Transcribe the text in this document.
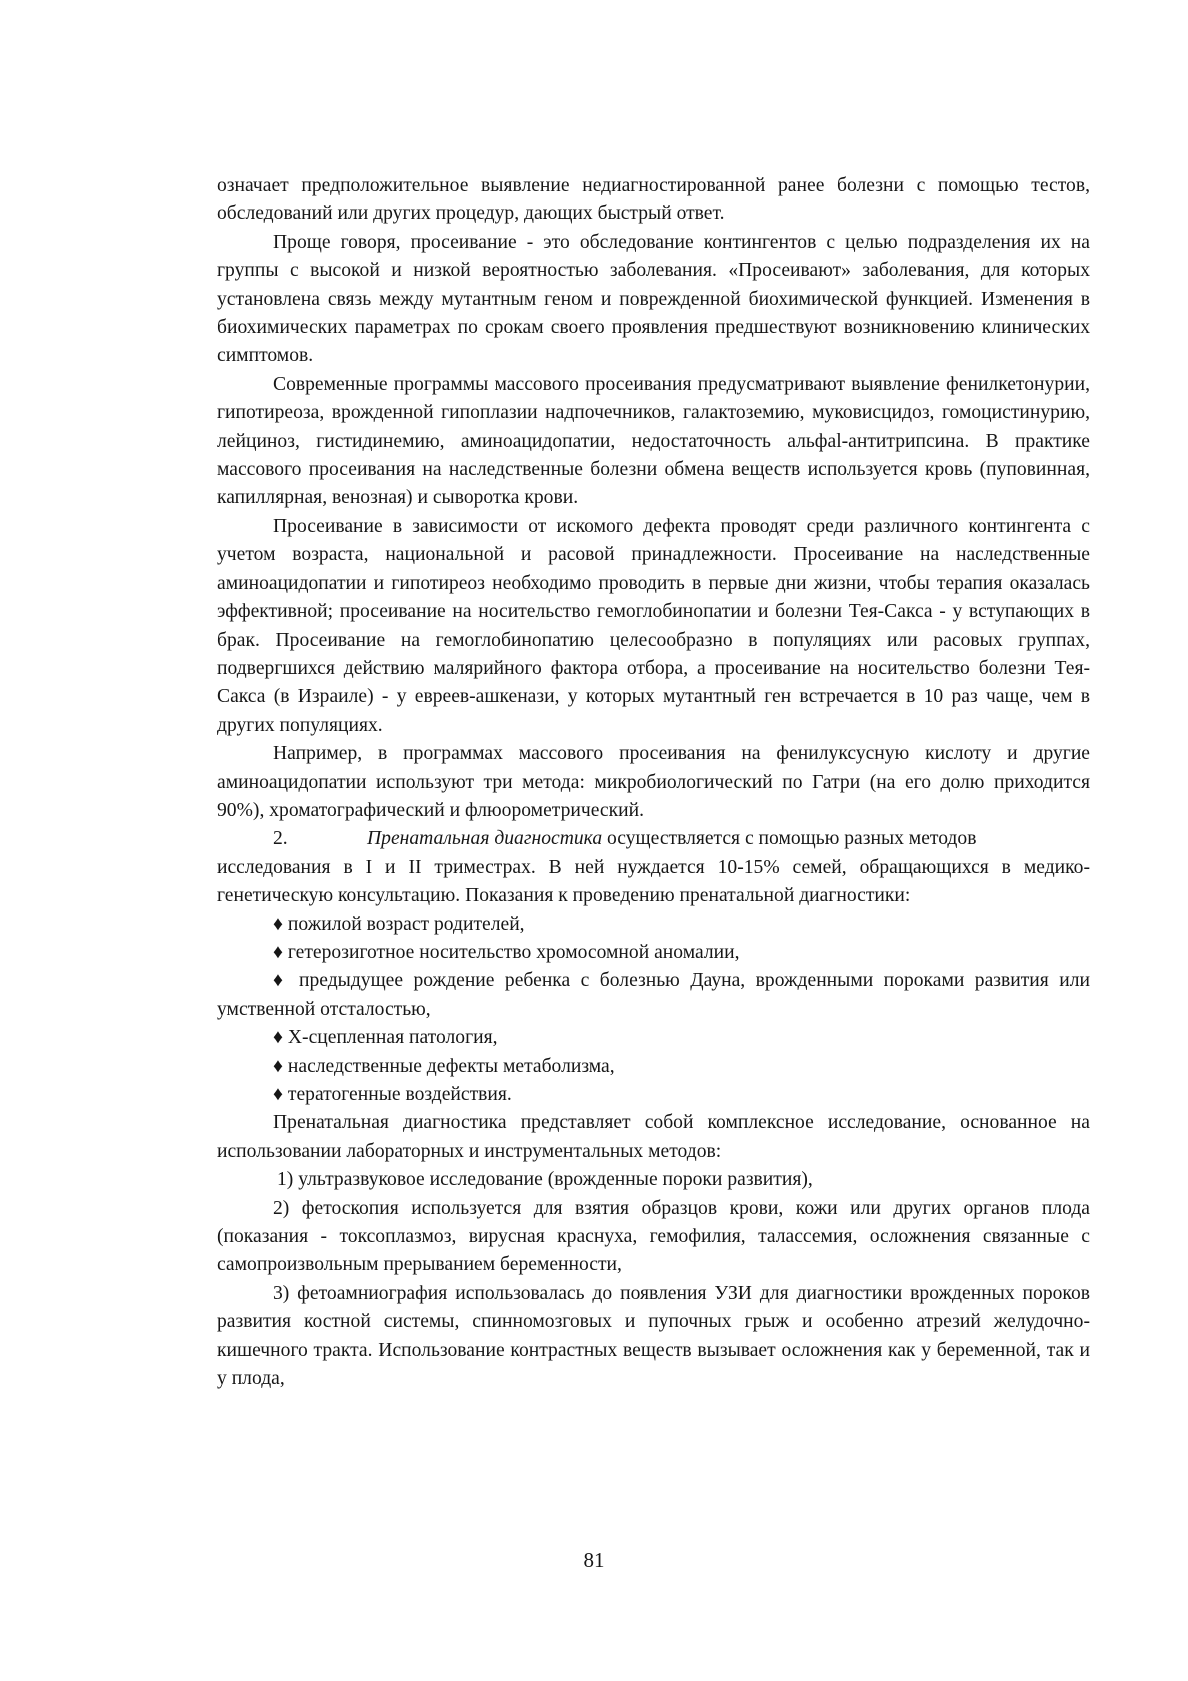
означает предположительное выявление недиагностированной ранее болезни с помощью тестов, обследований или других процедур, дающих быстрый ответ.

Проще говоря, просеивание - это обследование контингентов с целью подразделения их на группы с высокой и низкой вероятностью заболевания. «Просеивают» заболевания, для которых установлена связь между мутантным геном и поврежденной биохимической функцией. Изменения в биохимических параметрах по срокам своего проявления предшествуют возникновению клинических симптомов.

Современные программы массового просеивания предусматривают выявление фенилкетонурии, гипотиреоза, врожденной гипоплазии надпочечников, галактоземию, муковисцидоз, гомоцистинурию, лейциноз, гистидинемию, аминоацидопатии, недостаточность альфаl-антитрипсина. В практике массового просеивания на наследственные болезни обмена веществ используется кровь (пуповинная, капиллярная, венозная) и сыворотка крови.

Просеивание в зависимости от искомого дефекта проводят среди различного контингента с учетом возраста, национальной и расовой принадлежности. Просеивание на наследственные аминоацидопатии и гипотиреоз необходимо проводить в первые дни жизни, чтобы терапия оказалась эффективной; просеивание на носительство гемоглобинопатии и болезни Тея-Сакса - у вступающих в брак. Просеивание на гемоглобинопатию целесообразно в популяциях или расовых группах, подвергшихся действию малярийного фактора отбора, а просеивание на носительство болезни Тея-Сакса (в Израиле) - у евреев-ашкенази, у которых мутантный ген встречается в 10 раз чаще, чем в других популяциях.

Например, в программах массового просеивания на фенилуксусную кислоту и другие аминоацидопатии используют три метода: микробиологический по Гатри (на его долю приходится 90%), хроматографический и флюорометрический.

2.	Пренатальная диагностика осуществляется с помощью разных методов

исследования в I и II триместрах. В ней нуждается 10-15% семей, обращающихся в медико-генетическую консультацию. Показания к проведению пренатальной диагностики:

♦ пожилой возраст родителей,

♦ гетерозиготное носительство хромосомной аномалии,

♦ предыдущее рождение ребенка с болезнью Дауна, врожденными пороками развития или умственной отсталостью,

♦ Х-сцепленная патология,

♦ наследственные дефекты метаболизма,

♦ тератогенные воздействия.

Пренатальная диагностика представляет собой комплексное исследование, основанное на использовании лабораторных и инструментальных методов:

1) ультразвуковое исследование (врожденные пороки развития),

2) фетоскопия используется для взятия образцов крови, кожи или других органов плода (показания - токсоплазмоз, вирусная краснуха, гемофилия, талассемия, осложнения связанные с самопроизвольным прерыванием беременности,

3) фетоамниография использовалась до появления УЗИ для диагностики врожденных пороков развития костной системы, спинномозговых и пупочных грыж и особенно атрезий желудочно-кишечного тракта. Использование контрастных веществ вызывает осложнения как у беременной, так и у плода,

81
